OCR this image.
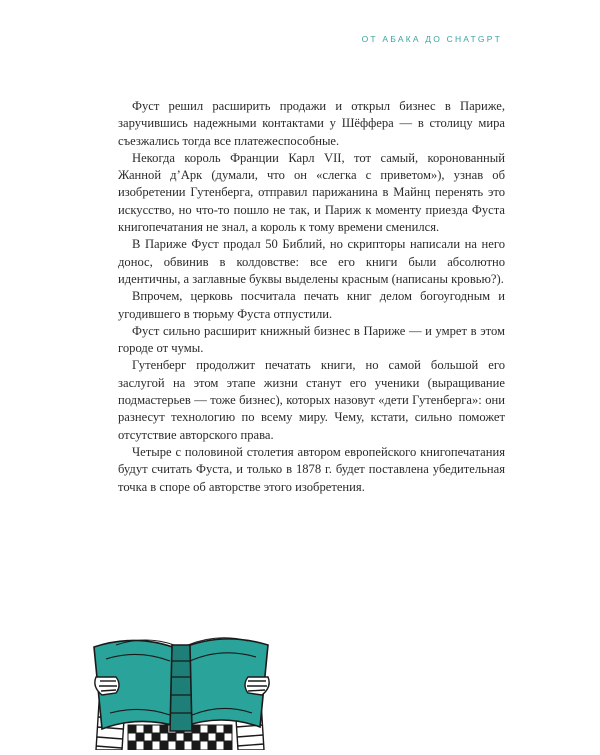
ОТ АБАКА ДО CHATGPT

Фуст решил расширить продажи и открыл бизнес в Париже, заручившись надежными контактами у Шёффера — в столицу мира съезжались тогда все платежеспособные.

Некогда король Франции Карл VII, тот самый, коронованный Жанной д’Арк (думали, что он «слегка с приветом»), узнав об изобретении Гутенберга, отправил парижанина в Майнц перенять это искусство, но что-то пошло не так, и Париж к моменту приезда Фуста книгопечатания не знал, а король к тому времени сменился.

В Париже Фуст продал 50 Библий, но скрипторы написали на него донос, обвинив в колдовстве: все его книги были абсолютно идентичны, а заглавные буквы выделены красным (написаны кровью?).

Впрочем, церковь посчитала печать книг делом богоугодным и угодившего в тюрьму Фуста отпустили.

Фуст сильно расширит книжный бизнес в Париже — и умрет в этом городе от чумы.

Гутенберг продолжит печатать книги, но самой большой его заслугой на этом этапе жизни станут его ученики (выращивание подмастерьев — тоже бизнес), которых назовут «дети Гутенберга»: они разнесут технологию по всему миру. Чему, кстати, сильно поможет отсутствие авторского права.

Четыре с половиной столетия автором европейского книгопечатания будут считать Фуста, и только в 1878 г. будет поставлена убедительная точка в споре об авторстве этого изобретения.
